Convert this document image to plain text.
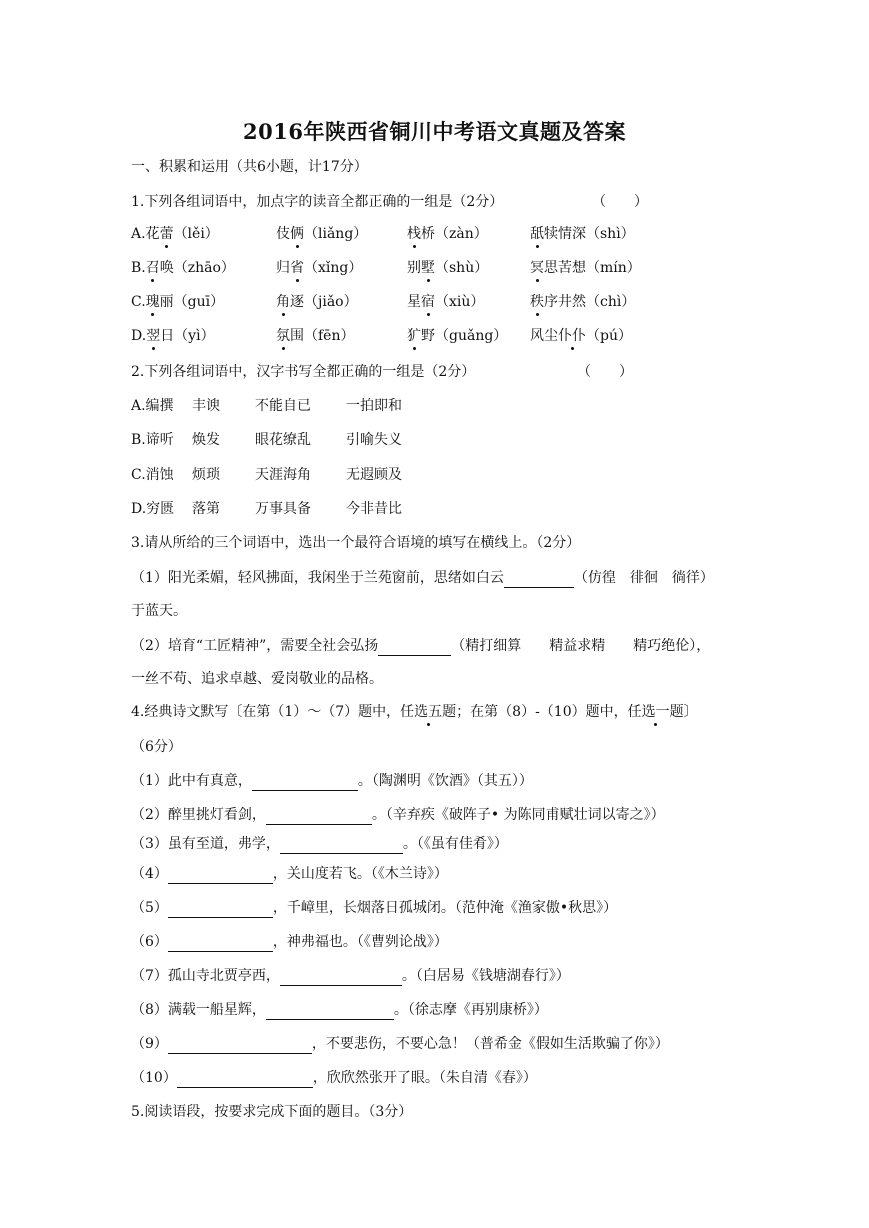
2016年陕西省铜川中考语文真题及答案
一、积累和运用（共6小题，计17分）
1.下列各组词语中，加点字的读音全都正确的一组是（2分）	（　　）
A.花蕾（lěi）	伎俩（liǎng）	栈桥（zàn）	舐犊情深（shì）
B.召唤（zhāo）	归省（xǐng）	别墅（shù）	冥思苦想（mín）
C.瑰丽（guī）	角逐（jiǎo）	星宿（xiù）	秩序井然（chì）
D.翌日（yì）	氛围（fēn）	犷野（guǎng） 风尘仆仆（pú）
2.下列各组词语中，汉字书写全都正确的一组是（2分）	（　　）
A.编撰 丰谀	不能自已	一拍即和
B.谛听 焕发	眼花缭乱	引喻失义
C.消蚀 烦琐	天涯海角	无遐顾及
D.穷匮 落第	万事具备	今非昔比
3.请从所给的三个词语中，选出一个最符合语境的填写在横线上。（2分）
（1）阳光柔媚，轻风拂面，我闲坐于兰苑窗前，思绪如白云	（仿徨　徘徊　徜徉）
于蓝天。
（2）培育“工匠精神”，需要全社会弘扬	（精打细算　　精益求精　　精巧绝伦），
一丝不苟、追求卓越、爱岗敬业的品格。
4.经典诗文默写〔在第（1）～（7）题中，任选五题；在第（8）-（10）题中，任选一题〕
（6分）
（1）此中有真意，	。（陶渊明《饮酒》（其五））
（2）醉里挑灯看剑，	。（辛弃疾《破阵子• 为陈同甫赋壮词以寄之》）
（3）虽有至道，弗学，	。（《虽有佳肴》）
（4）	，关山度若飞。（《木兰诗》）
（5）	，千嶂里，长烟落日孤城闭。（范仲淹《渔家傲•秋思》）
（6）	，神弗福也。（《曹刿论战》）
（7）孤山寺北贾亭西，	。（白居易《钱塘湖春行》）
（8）满载一船星辉，	。（徐志摩《再别康桥》）
（9）	，不要悲伤，不要心急！（普希金《假如生活欺骗了你》）
（10）	，欣欣然张开了眼。（朱自清《春》）
5.阅读语段，按要求完成下面的题目。（3分）
